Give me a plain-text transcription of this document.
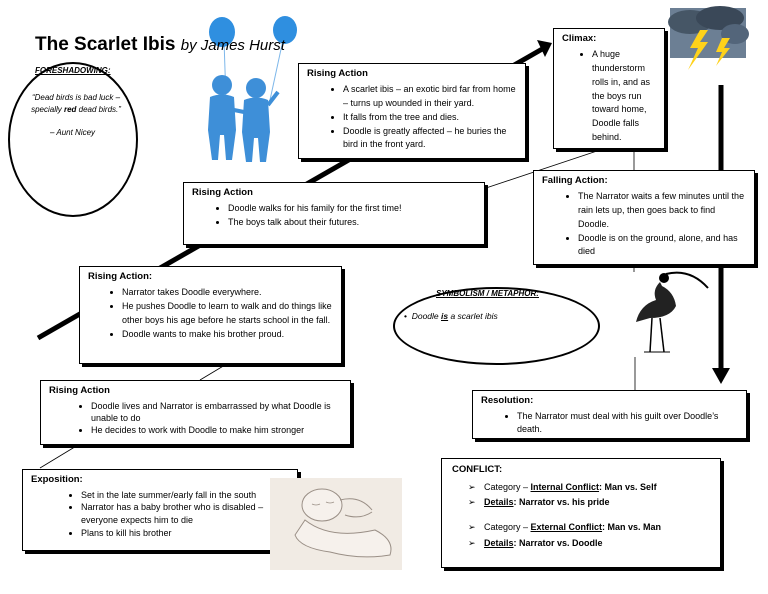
The Scarlet Ibis by James Hurst
FORESHADOWING:
“Dead birds is bad luck – specially red dead birds.”
– Aunt Nicey
Rising Action
• A scarlet ibis – an exotic bird far from home – turns up wounded in their yard.
• It falls from the tree and dies.
• Doodle is greatly affected – he buries the bird in the front yard.
Climax:
• A huge thunderstorm rolls in, and as the boys run toward home, Doodle falls behind.
Rising Action
• Doodle walks for his family for the first time!
• The boys talk about their futures.
Falling Action:
• The Narrator waits a few minutes until the rain lets up, then goes back to find Doodle.
• Doodle is on the ground, alone, and has died
Rising Action:
• Narrator takes Doodle everywhere.
• He pushes Doodle to learn to walk and do things like other boys his age before he starts school in the fall.
• Doodle wants to make his brother proud.
SYMBOLISM / METAPHOR:
•  Doodle is a scarlet ibis
Rising Action
• Doodle lives and Narrator is embarrassed by what Doodle is unable to do
• He decides to work with Doodle to make him stronger
Resolution:
• The Narrator must deal with his guilt over Doodle’s death.
Exposition:
• Set in the late summer/early fall in the south
• Narrator has a baby brother who is disabled – everyone expects him to die
• Plans to kill his brother
CONFLICT:
➢ Category – Internal Conflict: Man vs. Self
➢ Details: Narrator vs. his pride
➢ Category – External Conflict: Man vs. Man
➢ Details: Narrator vs. Doodle
